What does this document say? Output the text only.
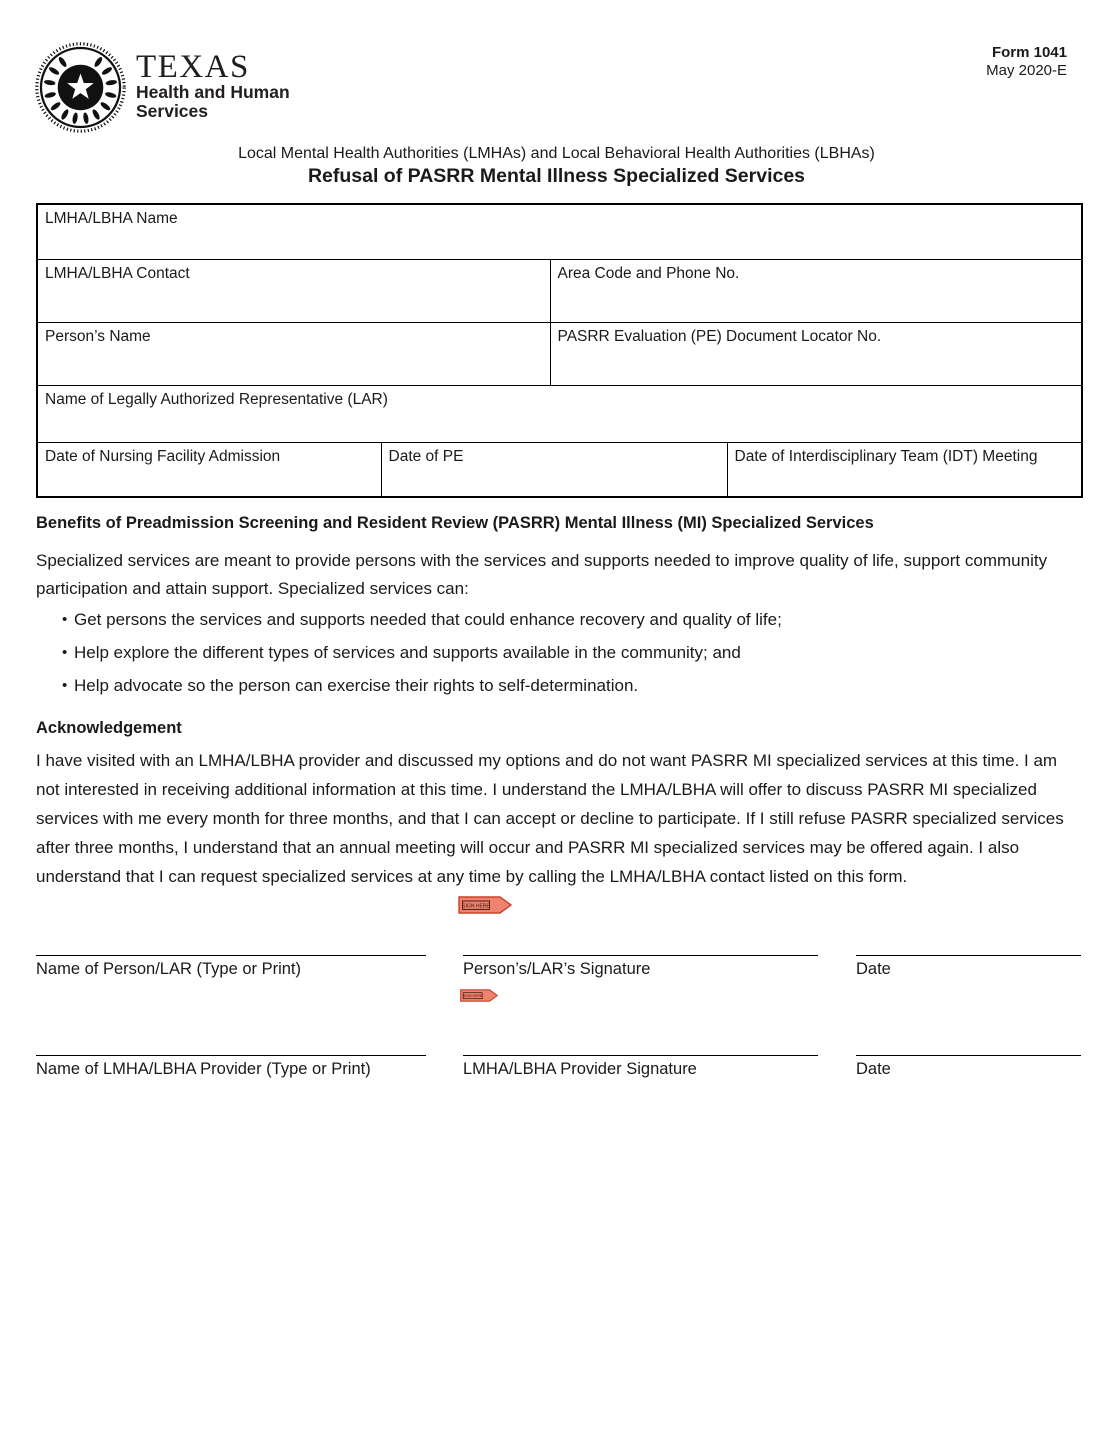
TEXAS
Health and Human
Services
Form 1041
May 2020-E
Local Mental Health Authorities (LMHAs) and Local Behavioral Health Authorities (LBHAs)
Refusal of PASRR Mental Illness Specialized Services
LMHA/LBHA Name			
LMHA/LBHA Contact		Area Code and Phone No.	
Person’s Name		PASRR Evaluation (PE) Document Locator No.	
Name of Legally Authorized Representative (LAR)			
Date of Nursing Facility Admission	Date of PE		Date of Interdisciplinary Team (IDT) Meeting
Benefits of Preadmission Screening and Resident Review (PASRR) Mental Illness (MI) Specialized Services
Specialized services are meant to provide persons with the services and supports needed to improve quality of life, support community participation and attain support. Specialized services can:
• Get persons the services and supports needed that could enhance recovery and quality of life;
• Help explore the different types of services and supports available in the community; and
• Help advocate so the person can exercise their rights to self-determination.
Acknowledgement
I have visited with an LMHA/LBHA provider and discussed my options and do not want PASRR MI specialized services at this time. I am not interested in receiving additional information at this time. I understand the LMHA/LBHA will offer to discuss PASRR MI specialized services with me every month for three months, and that I can accept or decline to participate. If I still refuse PASRR specialized services after three months, I understand that an annual meeting will occur and PASRR MI specialized services may be offered again. I also understand that I can request specialized services at any time by calling the LMHA/LBHA contact listed on this form.
SIGN HERE
Name of Person/LAR (Type or Print)	Person’s/LAR’s Signature	Date
SIGN HERE
Name of LMHA/LBHA Provider (Type or Print)	LMHA/LBHA Provider Signature	Date
